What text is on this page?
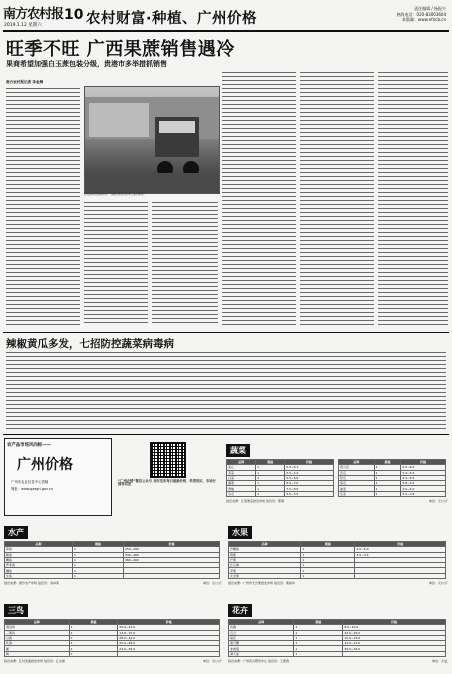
南方农村报
2019.1.12 星期六
10 农村财富·种植、广州价格
责任编辑 / 杨振兴
热线电话：020-83003604
本版邮：www.nfncb.cn
旺季不旺 广西果蔗销售遇冷
果商希望加强白玉蔗包装分级，贵港市多举措抓销售
南方农村报记者 李金梅
在贵港市蔗园采收中，当地农民在运蔗车上装运果蔗。
辣椒黄瓜多发，七招防控蔬菜病毒病
农产品市场风向标——
广州价格
广州市农业信息中心供稿
网址：www.gzagri.gov.cn
“广州农情”微信公众号 及时发布每日最新价格、科普知识、市场行情等信息
蔬菜
品种	规格	价格
菜心	1	5.5~6.7
芥菜	1	3.5~4.2
白菜	1	5.5~6.0
番茄	1	6.0~7.0
青椒	1	7.5~8.5
冬瓜	1	3.5~3.5
品种	规格	价格
西兰花	1	5.5~6.0
苦瓜	1	5.3~5.5
丝瓜	1	4.5~5.5
南瓜	1	3.8~3.5
油麦	1	3.5~4.0
生菜	1	3.5~3.8
信息来源：江南果菜批发市场 信息员：郭倩	单位：元/公斤
水产
品种	规格	价格
草鱼	1	250~260
鲮鱼	1	440~460
鲫鱼	1	360~400
罗非鱼	1	
鳙鱼	1	
生鱼	1	
信息来源：黄沙水产市场 信息员：刘卓荣	单位：元/公斤
水果
品种	规格	价格
沙糖桔	1	4.0~5.0
香蕉	1	3.0~3.5
芒果	1	
红心柚	1	
苹果	1	
火龙果	1	
信息来源：广州市天吉果批发市场 信息员：黄炜华	单位：元/公斤
三鸟
品种	规格	价格
清远鸡	1	20.0~22.0
三黄鸡	1	14.0~15.0
白鸽	1	28.0~32.0
乳鸽	1	25.0~28.0
鹅	1	24.0~26.0
鸭	1	
信息来源：江村家禽批发市场 信息员：江永豪	单位：元/公斤
花卉
品种	规格	价格
玫瑰	1	8.0~10.0
百合	1	24.0~26.0
菊花	1	15.0~16.0
康乃馨	1	12.0~13.0
非洲菊	1	25.0~26.0
满天星	1	
信息来源：广州花卉研究中心 信息员：王燕春	单位：元/扎
